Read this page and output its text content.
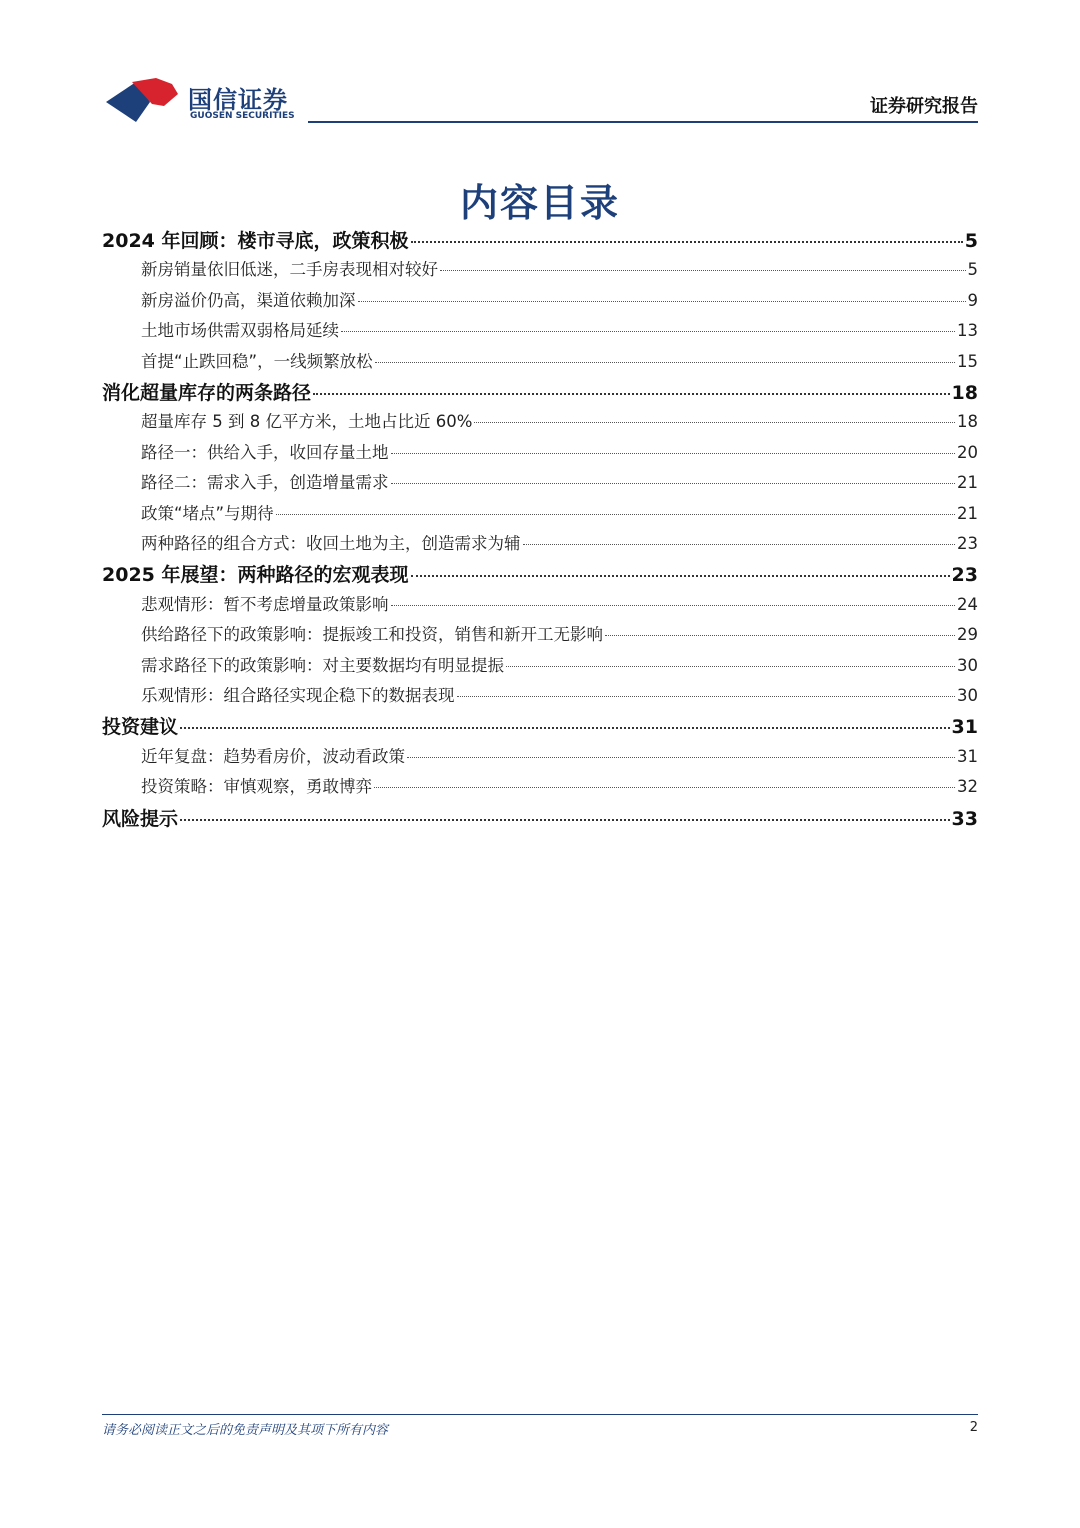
国信证券
GUOSEN SECURITIES	证券研究报告
内容目录
2024 年回顾：楼市寻底，政策积极	5
新房销量依旧低迷，二手房表现相对较好	5
新房溢价仍高，渠道依赖加深	9
土地市场供需双弱格局延续	13
首提“止跌回稳”，一线频繁放松	15
消化超量库存的两条路径	18
超量库存 5 到 8 亿平方米，土地占比近 60%	18
路径一：供给入手，收回存量土地	20
路径二：需求入手，创造增量需求	21
政策“堵点”与期待	21
两种路径的组合方式：收回土地为主，创造需求为辅	23
2025 年展望：两种路径的宏观表现	23
悲观情形：暂不考虑增量政策影响	24
供给路径下的政策影响：提振竣工和投资，销售和新开工无影响	29
需求路径下的政策影响：对主要数据均有明显提振	30
乐观情形：组合路径实现企稳下的数据表现	30
投资建议	31
近年复盘：趋势看房价，波动看政策	31
投资策略：审慎观察，勇敢博弈	32
风险提示	33
请务必阅读正文之后的免责声明及其项下所有内容	2
